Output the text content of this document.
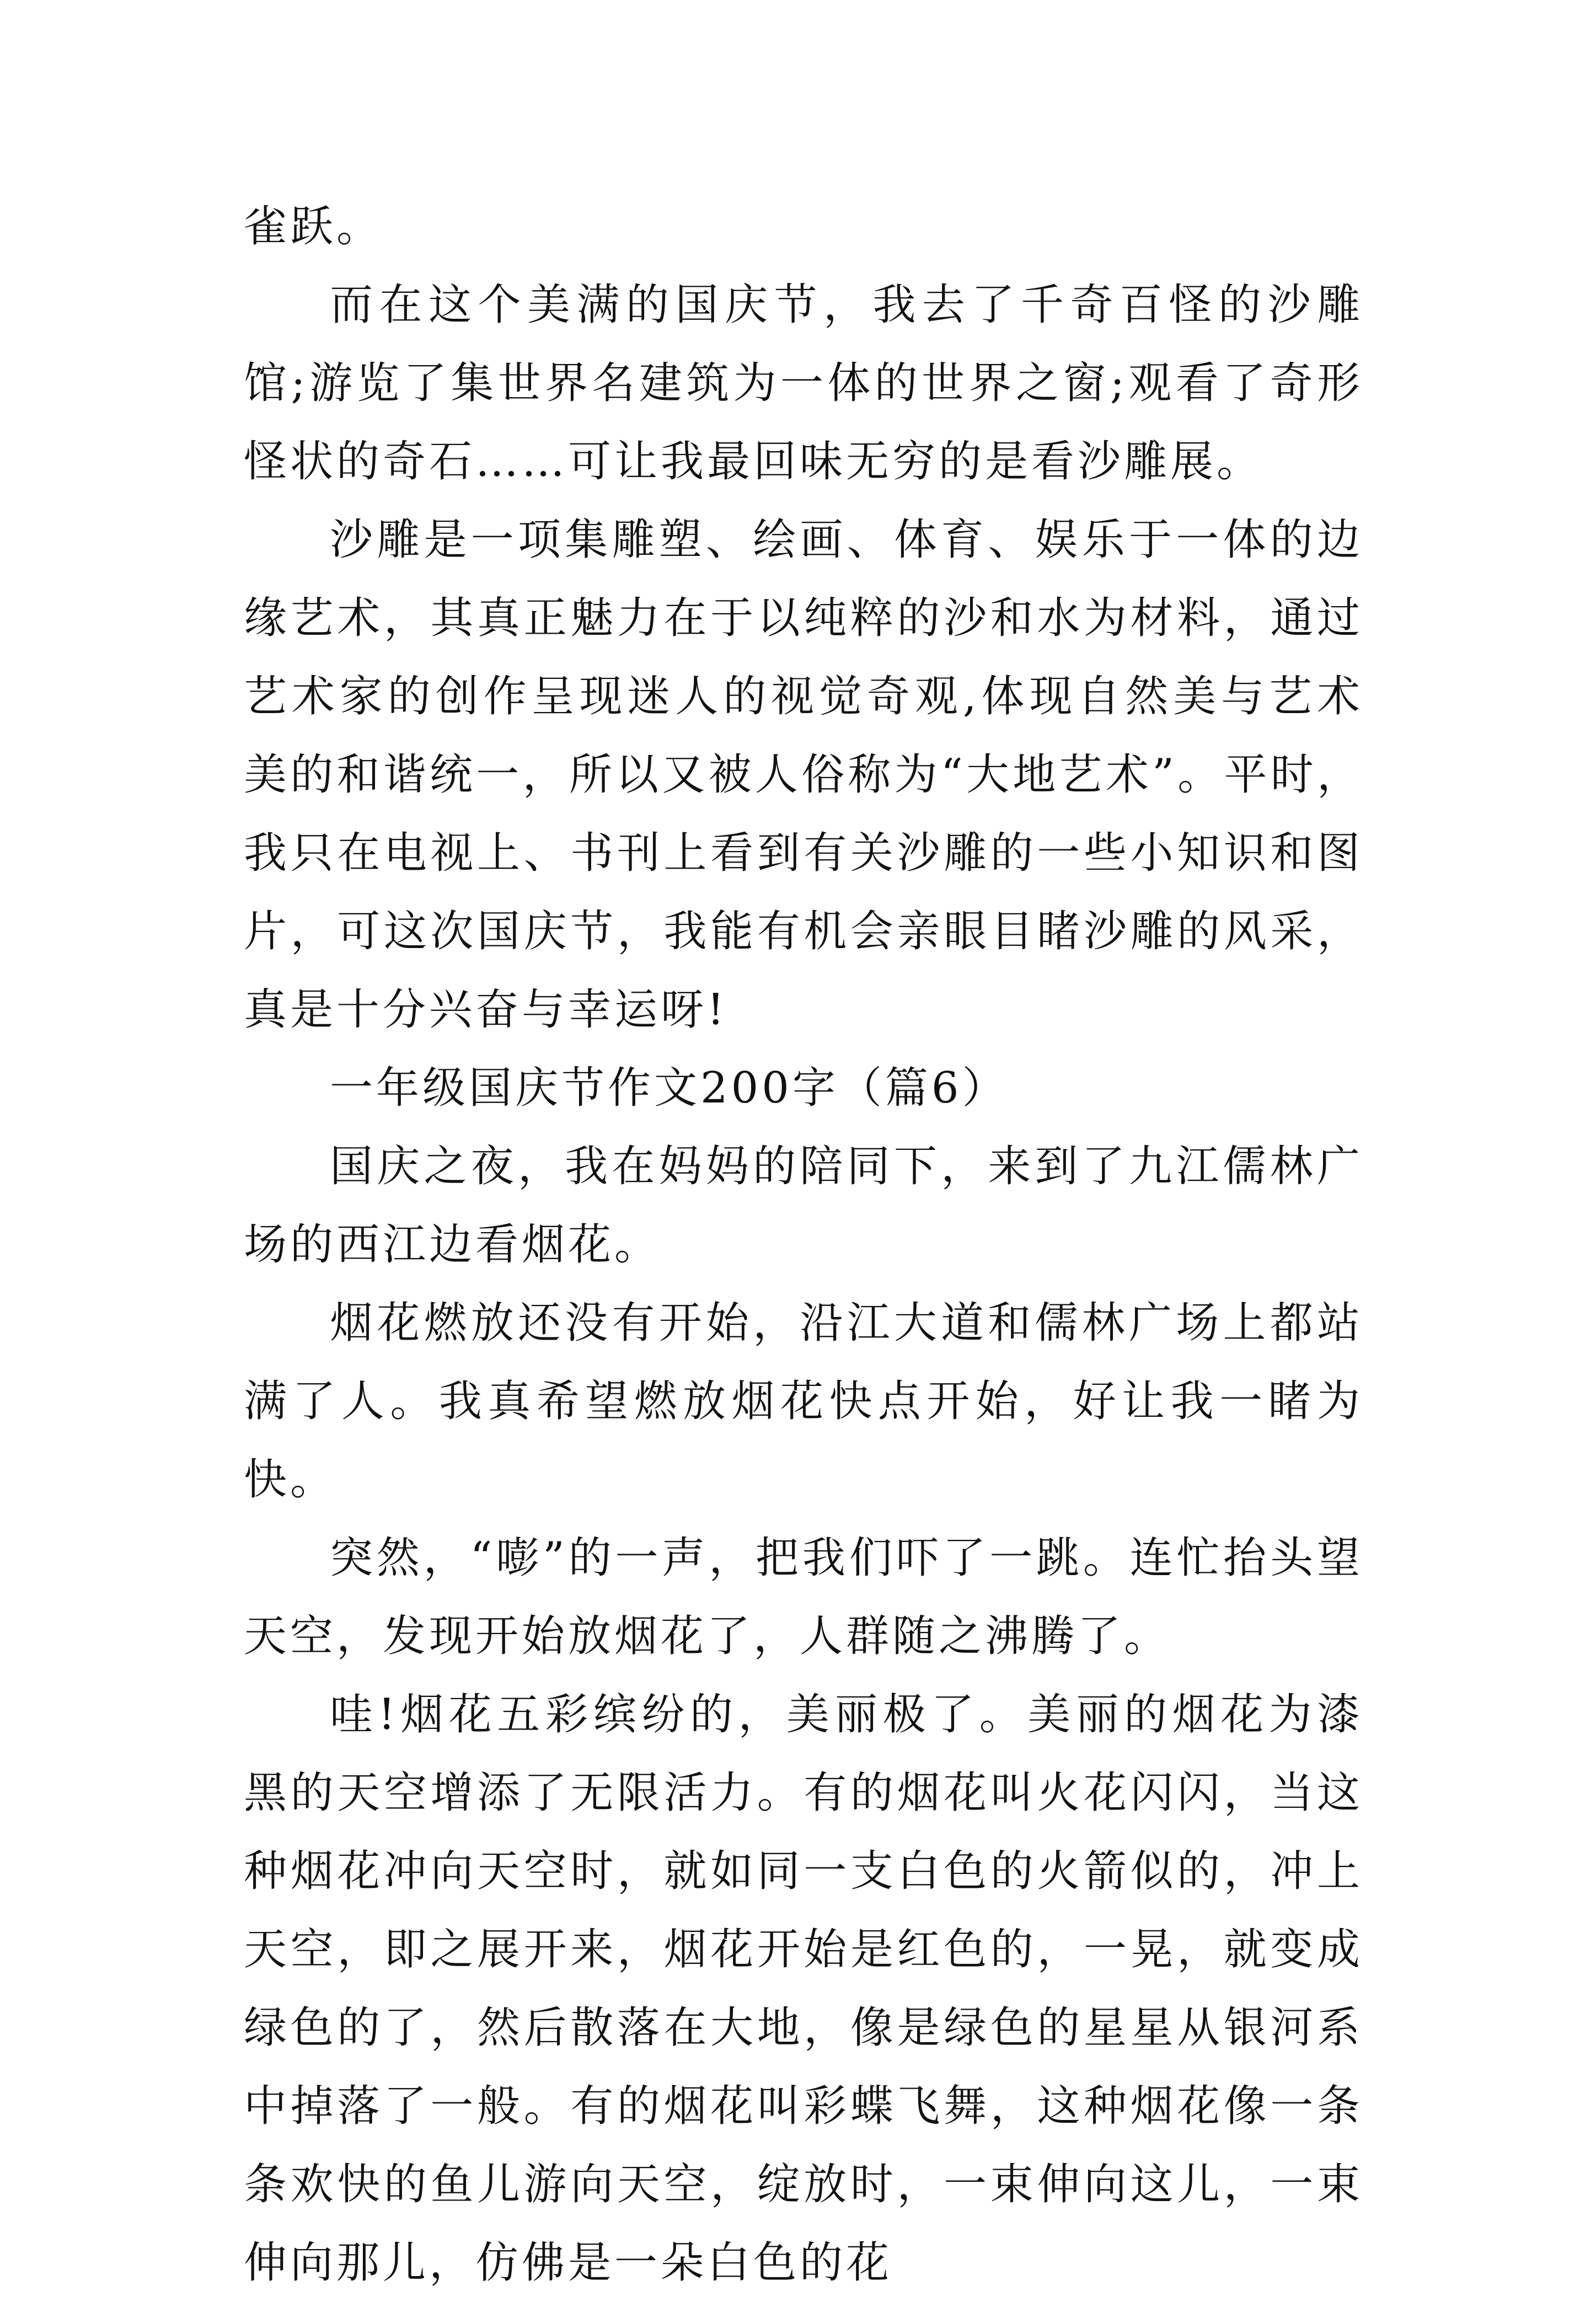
雀跃。

而在这个美满的国庆节，我去了千奇百怪的沙雕馆;游览了集世界名建筑为一体的世界之窗;观看了奇形怪状的奇石……可让我最回味无穷的是看沙雕展。

沙雕是一项集雕塑、绘画、体育、娱乐于一体的边缘艺术，其真正魅力在于以纯粹的沙和水为材料，通过艺术家的创作呈现迷人的视觉奇观,体现自然美与艺术美的和谐统一，所以又被人俗称为“大地艺术”。平时，我只在电视上、书刊上看到有关沙雕的一些小知识和图片，可这次国庆节，我能有机会亲眼目睹沙雕的风采，真是十分兴奋与幸运呀!

一年级国庆节作文200字（篇6）

国庆之夜，我在妈妈的陪同下，来到了九江儒林广场的西江边看烟花。

烟花燃放还没有开始，沿江大道和儒林广场上都站满了人。我真希望燃放烟花快点开始，好让我一睹为快。

突然，“嘭”的一声，把我们吓了一跳。连忙抬头望天空，发现开始放烟花了，人群随之沸腾了。

哇!烟花五彩缤纷的，美丽极了。美丽的烟花为漆黑的天空增添了无限活力。有的烟花叫火花闪闪，当这种烟花冲向天空时，就如同一支白色的火箭似的，冲上天空，即之展开来，烟花开始是红色的，一晃，就变成绿色的了，然后散落在大地，像是绿色的星星从银河系中掉落了一般。有的烟花叫彩蝶飞舞，这种烟花像一条条欢快的鱼儿游向天空，绽放时，一束伸向这儿，一束伸向那儿，仿佛是一朵白色的花
